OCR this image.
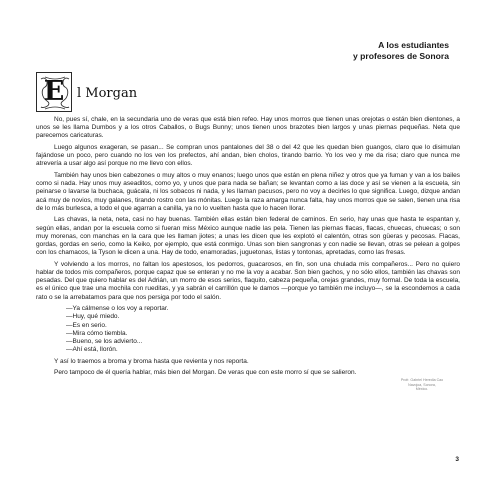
A los estudiantes
y profesores de Sonora
E l Morgan

No, pues sí, chale, en la secundaria uno de veras que está bien refeo. Hay unos morros que tienen unas orejotas o están bien dientones, a unos se les llama Dumbos y a los otros Caballos, o Bugs Bunny; unos tienen unos brazotes bien largos y unas piernas pequeñas. Neta que parecemos caricaturas.

Luego algunos exageran, se pasan... Se compran unos pantalones del 38 o del 42 que les quedan bien guangos, claro que lo disimulan fajándose un poco, pero cuando no los ven los prefectos, ahí andan, bien cholos, tirando barrio. Yo los veo y me da risa; claro que nunca me atrevería a usar algo así porque no me llevo con ellos.

También hay unos bien cabezones o muy altos o muy enanos; luego unos que están en plena niñez y otros que ya fuman y van a los bailes como si nada. Hay unos muy aseaditos, como yo, y unos que para nada se bañan; se levantan como a las doce y así se vienen a la escuela, sin peinarse o lavarse la buchaca, guácala, ni los sobacos ni nada, y les llaman pacusos, pero no voy a decirles lo que significa. Luego, dizque andan acá muy de novios, muy galanes, tirando rostro con las mónitas. Luego la raza amarga nunca falta, hay unos morros que se salen, tienen una risa de lo más burlesca, a todo el que agarran a canilla, ya no lo vuelten hasta que lo hacen llorar.

Las chavas, la neta, neta, casi no hay buenas. También ellas están bien federal de caminos. En serio, hay unas que hasta te espantan y, según ellas, andan por la escuela como si fueran miss México aunque nadie las pela. Tienen las piernas flacas, flacas, chuecas, chuecas; o son muy morenas, con manchas en la cara que les llaman jiotes; a unas les dicen que les explotó el calentón, otras son güeras y pecosas. Flacas, gordas, gordas en serio, como la Keiko, por ejemplo, que está conmigo. Unas son bien sangronas y con nadie se llevan, otras se pelean a golpes con los chamacos, la Tyson le dicen a una. Hay de todo, enamoradas, juguetonas, listas y tontonas, apretadas, como las fresas.

Y volviendo a los morros, no faltan los apestosos, los pedorros, guacarosos, en fin, son una chulada mis compañeros... Pero no quiero hablar de todos mis compañeros, porque capaz que se enteran y no me la voy a acabar. Son bien gachos, y no sólo ellos, también las chavas son pesadas. Del que quiero hablar es del Adrián, un morro de esos serios, flaquito, cabeza pequeña, orejas grandes, muy formal. De toda la escuela, es el único que trae una mochila con rueditas, y ya sabrán el carrillón que le damos —porque yo también me incluyo—, se la escondemos a cada rato o se la arrebatamos para que nos persiga por todo el salón.

—Ya cálmense o los voy a reportar.
—Huy, qué miedo.
—Es en serio.
—Mira cómo tiembla.
—Bueno, se los advierto...
—Ahí está, llorón.

Y así lo traemos a broma y broma hasta que revienta y nos reporta.

Pero tampoco de él quería hablar, más bien del Morgan. De veras que con este morro sí que se salieron.

Profr. Gabriel Heredia Cao
Navojoa, Sonora,
México.
3
